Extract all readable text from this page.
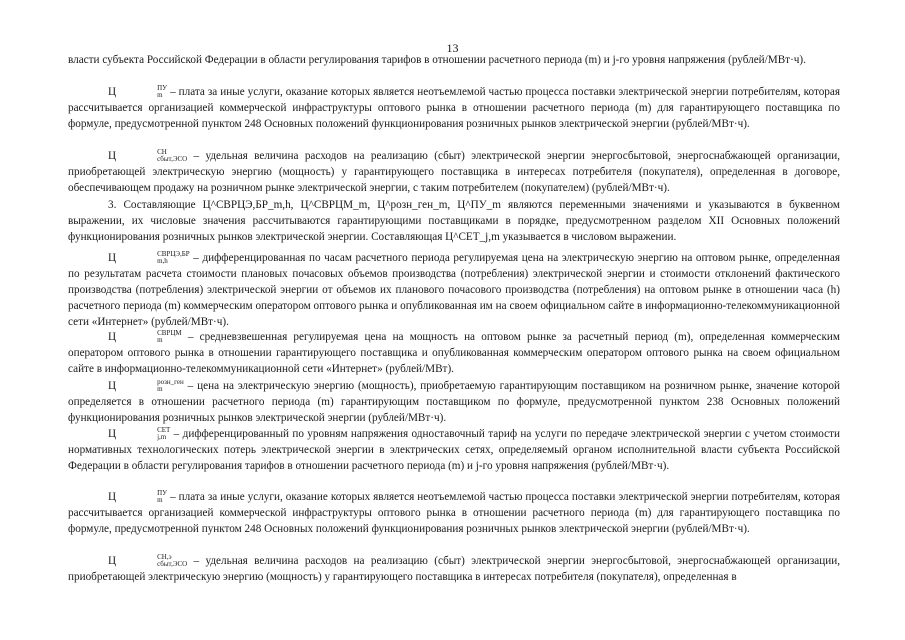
13
власти субъекта Российской Федерации в области регулирования тарифов в отношении расчетного периода (m) и j-го уровня напряжения (рублей/МВт·ч).
Ц	ПУ
m – плата за иные услуги, оказание которых является неотъемлемой частью процесса поставки электрической энергии потребителям, которая рассчитывается организацией коммерческой инфраструктуры оптового рынка в отношении расчетного периода (m) для гарантирующего поставщика по формуле, предусмотренной пунктом 248 Основных положений функционирования розничных рынков электрической энергии (рублей/МВт·ч).
Ц	СН
сбыт,ЭСО – удельная величина расходов на реализацию (сбыт) электрической энергии энергосбытовой, энергоснабжающей организации, приобретающей электрическую энергию (мощность) у гарантирующего поставщика в интересах потребителя (покупателя), определенная в договоре, обеспечивающем продажу на розничном рынке электрической энергии, с таким потребителем (покупателем) (рублей/МВт·ч).
3. Составляющие Ц^СВРЦЭ,БР_m,h, Ц^СВРЦМ_m, Ц^розн_ген_m, Ц^ПУ_m являются переменными значениями и указываются в буквенном выражении, их числовые значения рассчитываются гарантирующими поставщиками в порядке, предусмотренном разделом XII Основных положений функционирования розничных рынков электрической энергии. Составляющая Ц^СЕТ_j,m указывается в числовом выражении.
Ц	СВРЦЭ,БР
m,h	– дифференцированная по часам расчетного периода регулируемая цена на электрическую энергию на оптовом рынке, определенная по результатам расчета стоимости плановых почасовых объемов производства (потребления) электрической энергии и стоимости отклонений фактического производства (потребления) электрической энергии от объемов их планового почасового производства (потребления) на оптовом рынке в отношении часа (h) расчетного периода (m) коммерческим оператором оптового рынка и опубликованная им на своем официальном сайте в информационно-телекоммуникационной сети «Интернет» (рублей/МВт·ч).
Ц	СВРЦМ
m	– средневзвешенная регулируемая цена на мощность на оптовом рынке за расчетный период (m), определенная коммерческим оператором оптового рынка в отношении гарантирующего поставщика и опубликованная коммерческим оператором оптового рынка на своем официальном сайте в информационно-телекоммуникационной сети «Интернет» (рублей/МВт).
Ц	розн_ген
m	– цена на электрическую энергию (мощность), приобретаемую гарантирующим поставщиком на розничном рынке, значение которой определяется в отношении расчетного периода (m) гарантирующим поставщиком по формуле, предусмотренной пунктом 238 Основных положений функционирования розничных рынков электрической энергии (рублей/МВт·ч).
Ц	СЕТ
j,m – дифференцированный по уровням напряжения одноставочный тариф на услуги по передаче электрической энергии с учетом стоимости нормативных технологических потерь электрической энергии в электрических сетях, определяемый органом исполнительной власти субъекта Российской Федерации в области регулирования тарифов в отношении расчетного периода (m) и j-го уровня напряжения (рублей/МВт·ч).
Ц	ПУ
m – плата за иные услуги, оказание которых является неотъемлемой частью процесса поставки электрической энергии потребителям, которая рассчитывается организацией коммерческой инфраструктуры оптового рынка в отношении расчетного периода (m) для гарантирующего поставщика по формуле, предусмотренной пунктом 248 Основных положений функционирования розничных рынков электрической энергии (рублей/МВт·ч).
Ц	СН,э
сбыт,ЭСО – удельная величина расходов на реализацию (сбыт) электрической энергии энергосбытовой, энергоснабжающей организации, приобретающей электрическую энергию (мощность) у гарантирующего поставщика в интересах потребителя (покупателя), определенная в
